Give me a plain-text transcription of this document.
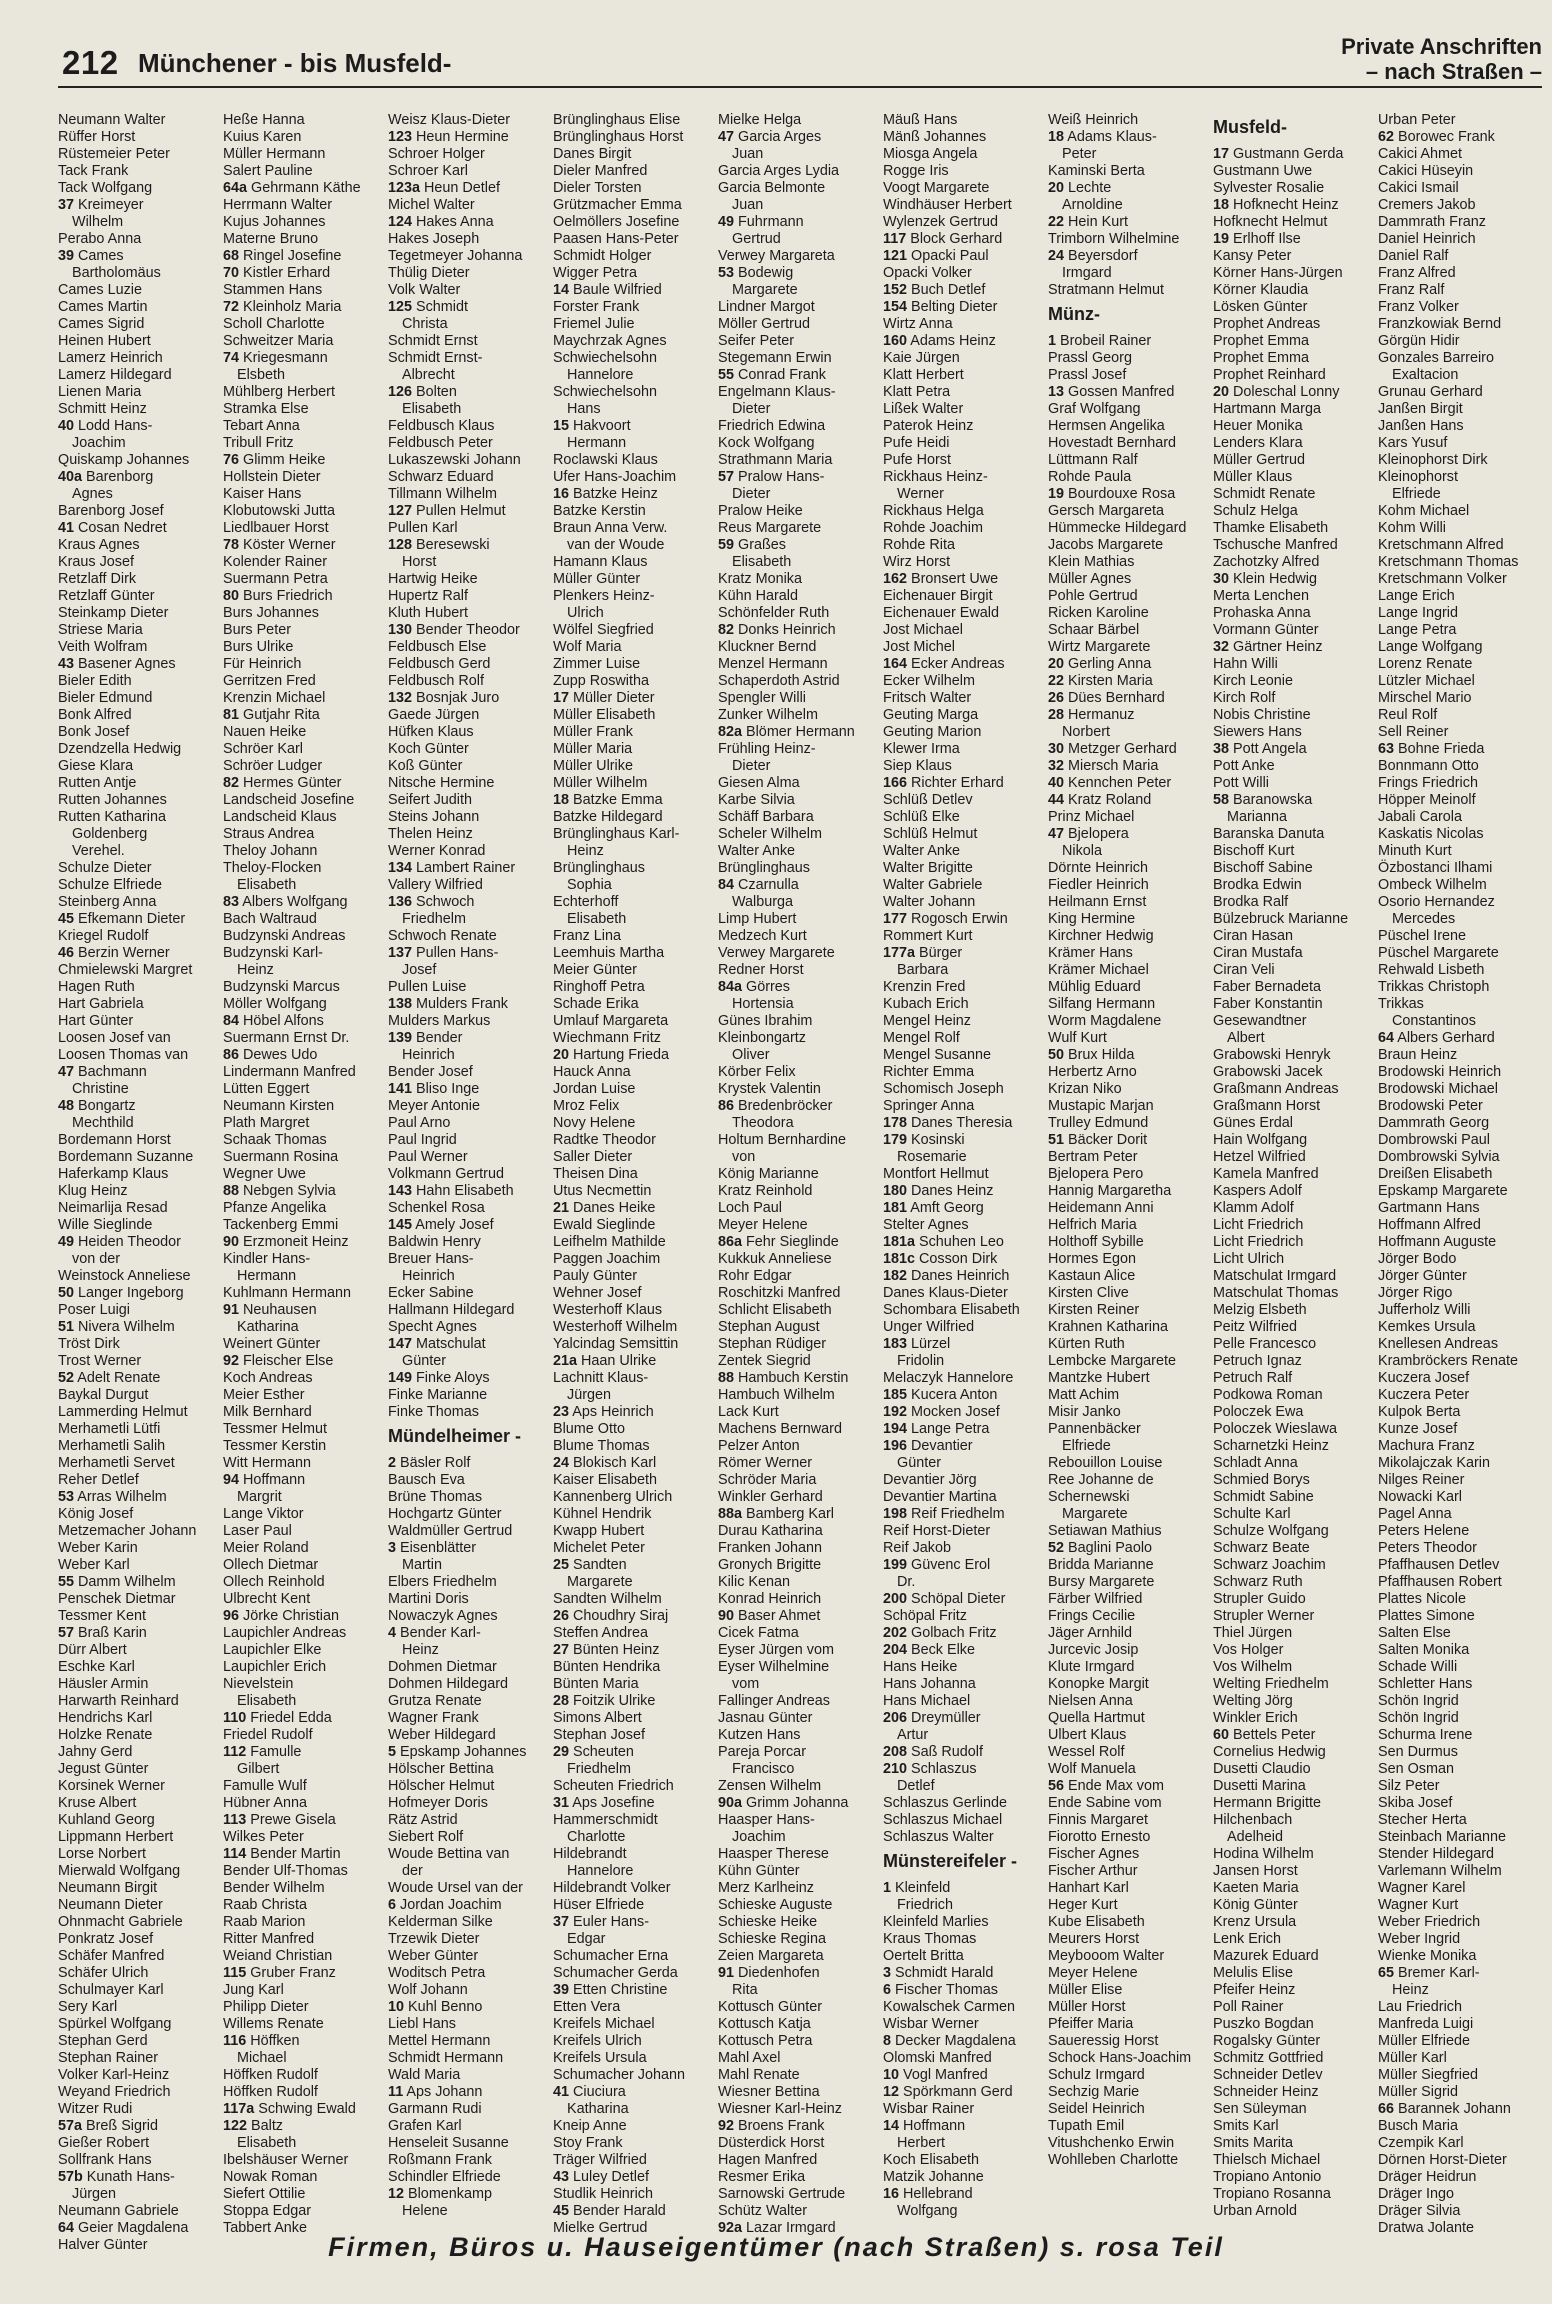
212 Münchener - bis Musfeld-
Private Anschriften
– nach Straßen –
Neumann Walter
Rüffer Horst
Rüstemeier Peter
Tack Frank
Tack Wolfgang
37 Kreimeyer
Wilhelm
Perabo Anna
39 Cames
Bartholomäus
Cames Luzie
Cames Martin
Cames Sigrid
Heinen Hubert
Lamerz Heinrich
Lamerz Hildegard
Lienen Maria
Schmitt Heinz
40 Lodd Hans-
Joachim
Quiskamp Johannes
40a Barenborg
Agnes
Barenborg Josef
41 Cosan Nedret
Kraus Agnes
Kraus Josef
Retzlaff Dirk
Retzlaff Günter
Steinkamp Dieter
Striese Maria
Veith Wolfram
43 Basener Agnes
Bieler Edith
Bieler Edmund
Bonk Alfred
Bonk Josef
Dzendzella Hedwig
Giese Klara
Rutten Antje
Rutten Johannes
Rutten Katharina
Goldenberg
Verehel.
Schulze Dieter
Schulze Elfriede
Steinberg Anna
45 Efkemann Dieter
Kriegel Rudolf
46 Berzin Werner
Chmielewski Margret
Hagen Ruth
Hart Gabriela
Hart Günter
Loosen Josef van
Loosen Thomas van
47 Bachmann
Christine
48 Bongartz
Mechthild
Bordemann Horst
Bordemann Suzanne
Haferkamp Klaus
Klug Heinz
Neimarlija Resad
Wille Sieglinde
49 Heiden Theodor
von der
Weinstock Anneliese
50 Langer Ingeborg
Poser Luigi
51 Nivera Wilhelm
Tröst Dirk
Trost Werner
52 Adelt Renate
Baykal Durgut
Lammerding Helmut
Merhametli Lütfi
Merhametli Salih
Merhametli Servet
Reher Detlef
53 Arras Wilhelm
König Josef
Metzemacher Johann
Weber Karin
Weber Karl
55 Damm Wilhelm
Penschek Dietmar
Tessmer Kent
57 Braß Karin
Dürr Albert
Eschke Karl
Häusler Armin
Harwarth Reinhard
Hendrichs Karl
Holzke Renate
Jahny Gerd
Jegust Günter
Korsinek Werner
Kruse Albert
Kuhland Georg
Lippmann Herbert
Lorse Norbert
Mierwald Wolfgang
Neumann Birgit
Neumann Dieter
Ohnmacht Gabriele
Ponkratz Josef
Schäfer Manfred
Schäfer Ulrich
Schulmayer Karl
Sery Karl
Spürkel Wolfgang
Stephan Gerd
Stephan Rainer
Volker Karl-Heinz
Weyand Friedrich
Witzer Rudi
57a Breß Sigrid
Gießer Robert
Sollfrank Hans
57b Kunath Hans-
Jürgen
Neumann Gabriele
64 Geier Magdalena
Halver Günter
Heße Hanna
Kuius Karen
Müller Hermann
Salert Pauline
64a Gehrmann Käthe
Herrmann Walter
Kujus Johannes
Materne Bruno
68 Ringel Josefine
70 Kistler Erhard
Stammen Hans
72 Kleinholz Maria
Scholl Charlotte
Schweitzer Maria
74 Kriegesmann
Elsbeth
Mühlberg Herbert
Stramka Else
Tebart Anna
Tribull Fritz
76 Glimm Heike
Hollstein Dieter
Kaiser Hans
Klobutowski Jutta
Liedlbauer Horst
78 Köster Werner
Kolender Rainer
Suermann Petra
80 Burs Friedrich
Burs Johannes
Burs Peter
Burs Ulrike
Für Heinrich
Gerritzen Fred
Krenzin Michael
81 Gutjahr Rita
Nauen Heike
Schröer Karl
Schröer Ludger
82 Hermes Günter
Landscheid Josefine
Landscheid Klaus
Straus Andrea
Theloy Johann
Theloy-Flocken
Elisabeth
83 Albers Wolfgang
Bach Waltraud
Budzynski Andreas
Budzynski Karl-
Heinz
Budzynski Marcus
Möller Wolfgang
84 Höbel Alfons
Suermann Ernst Dr.
86 Dewes Udo
Lindermann Manfred
Lütten Eggert
Neumann Kirsten
Plath Margret
Schaak Thomas
Suermann Rosina
Wegner Uwe
88 Nebgen Sylvia
Pfanze Angelika
Tackenberg Emmi
90 Erzmoneit Heinz
Kindler Hans-
Hermann
Kuhlmann Hermann
91 Neuhausen
Katharina
Weinert Günter
92 Fleischer Else
Koch Andreas
Meier Esther
Milk Bernhard
Tessmer Helmut
Tessmer Kerstin
Witt Hermann
94 Hoffmann
Margrit
Lange Viktor
Laser Paul
Meier Roland
Ollech Dietmar
Ollech Reinhold
Ulbrecht Kent
96 Jörke Christian
Laupichler Andreas
Laupichler Elke
Laupichler Erich
Nievelstein
Elisabeth
110 Friedel Edda
Friedel Rudolf
112 Famulle
Gilbert
Famulle Wulf
Hübner Anna
113 Prewe Gisela
Wilkes Peter
114 Bender Martin
Bender Ulf-Thomas
Bender Wilhelm
Raab Christa
Raab Marion
Ritter Manfred
Weiand Christian
115 Gruber Franz
Jung Karl
Philipp Dieter
Willems Renate
116 Höffken
Michael
Höffken Rudolf
Höffken Rudolf
117a Schwing Ewald
122 Baltz
Elisabeth
Ibelshäuser Werner
Nowak Roman
Siefert Ottilie
Stoppa Edgar
Tabbert Anke
Weisz Klaus-Dieter
123 Heun Hermine
Schroer Holger
Schroer Karl
123a Heun Detlef
Michel Walter
124 Hakes Anna
Hakes Joseph
Tegetmeyer Johanna
Thülig Dieter
Volk Walter
125 Schmidt
Christa
Schmidt Ernst
Schmidt Ernst-
Albrecht
126 Bolten
Elisabeth
Feldbusch Klaus
Feldbusch Peter
Lukaszewski Johann
Schwarz Eduard
Tillmann Wilhelm
127 Pullen Helmut
Pullen Karl
128 Beresewski
Horst
Hartwig Heike
Hupertz Ralf
Kluth Hubert
130 Bender Theodor
Feldbusch Else
Feldbusch Gerd
Feldbusch Rolf
132 Bosnjak Juro
Gaede Jürgen
Hüfken Klaus
Koch Günter
Koß Günter
Nitsche Hermine
Seifert Judith
Steins Johann
Thelen Heinz
Werner Konrad
134 Lambert Rainer
Vallery Wilfried
136 Schwoch
Friedhelm
Schwoch Renate
137 Pullen Hans-
Josef
Pullen Luise
138 Mulders Frank
Mulders Markus
139 Bender
Heinrich
Bender Josef
141 Bliso Inge
Meyer Antonie
Paul Arno
Paul Ingrid
Paul Werner
Volkmann Gertrud
143 Hahn Elisabeth
Schenkel Rosa
145 Amely Josef
Baldwin Henry
Breuer Hans-
Heinrich
Ecker Sabine
Hallmann Hildegard
Specht Agnes
147 Matschulat
Günter
149 Finke Aloys
Finke Marianne
Finke Thomas
Mündelheimer -
2 Bäsler Rolf
Bausch Eva
Brüne Thomas
Hochgartz Günter
Waldmüller Gertrud
3 Eisenblätter
Martin
Elbers Friedhelm
Martini Doris
Nowaczyk Agnes
4 Bender Karl-
Heinz
Dohmen Dietmar
Dohmen Hildegard
Grutza Renate
Wagner Frank
Weber Hildegard
5 Epskamp Johannes
Hölscher Bettina
Hölscher Helmut
Hofmeyer Doris
Rätz Astrid
Siebert Rolf
Woude Bettina van
der
Woude Ursel van der
6 Jordan Joachim
Kelderman Silke
Trzewik Dieter
Weber Günter
Woditsch Petra
Wolf Johann
10 Kuhl Benno
Liebl Hans
Mettel Hermann
Schmidt Hermann
Wald Maria
11 Aps Johann
Garmann Rudi
Grafen Karl
Henseleit Susanne
Roßmann Frank
Schindler Elfriede
12 Blomenkamp
Helene
Brünglinghaus Elise
Brünglinghaus Horst
Danes Birgit
Dieler Manfred
Dieler Torsten
Grützmacher Emma
Oelmöllers Josefine
Paasen Hans-Peter
Schmidt Holger
Wigger Petra
14 Baule Wilfried
Forster Frank
Friemel Julie
Maychrzak Agnes
Schwiechelsohn
Hannelore
Schwiechelsohn
Hans
15 Hakvoort
Hermann
Roclawski Klaus
Ufer Hans-Joachim
16 Batzke Heinz
Batzke Kerstin
Braun Anna Verw.
van der Woude
Hamann Klaus
Müller Günter
Plenkers Heinz-
Ulrich
Wölfel Siegfried
Wolf Maria
Zimmer Luise
Zupp Roswitha
17 Müller Dieter
Müller Elisabeth
Müller Frank
Müller Maria
Müller Ulrike
Müller Wilhelm
18 Batzke Emma
Batzke Hildegard
Brünglinghaus Karl-
Heinz
Brünglinghaus
Sophia
Echterhoff
Elisabeth
Franz Lina
Leemhuis Martha
Meier Günter
Ringhoff Petra
Schade Erika
Umlauf Margareta
Wiechmann Fritz
20 Hartung Frieda
Hauck Anna
Jordan Luise
Mroz Felix
Novy Helene
Radtke Theodor
Saller Dieter
Theisen Dina
Utus Necmettin
21 Danes Heike
Ewald Sieglinde
Leifhelm Mathilde
Paggen Joachim
Pauly Günter
Wehner Josef
Westerhoff Klaus
Westerhoff Wilhelm
Yalcindag Semsittin
21a Haan Ulrike
Lachnitt Klaus-
Jürgen
23 Aps Heinrich
Blume Otto
Blume Thomas
24 Blokisch Karl
Kaiser Elisabeth
Kannenberg Ulrich
Kühnel Hendrik
Kwapp Hubert
Michelet Peter
25 Sandten
Margarete
Sandten Wilhelm
26 Choudhry Siraj
Steffen Andrea
27 Bünten Heinz
Bünten Hendrika
Bünten Maria
28 Foitzik Ulrike
Simons Albert
Stephan Josef
29 Scheuten
Friedhelm
Scheuten Friedrich
31 Aps Josefine
Hammerschmidt
Charlotte
Hildebrandt
Hannelore
Hildebrandt Volker
Hüser Elfriede
37 Euler Hans-
Edgar
Schumacher Erna
Schumacher Gerda
39 Etten Christine
Etten Vera
Kreifels Michael
Kreifels Ulrich
Kreifels Ursula
Schumacher Johann
41 Ciuciura
Katharina
Kneip Anne
Stoy Frank
Träger Wilfried
43 Luley Detlef
Studlik Heinrich
45 Bender Harald
Mielke Gertrud
Mielke Helga
47 Garcia Arges
Juan
Garcia Arges Lydia
Garcia Belmonte
Juan
49 Fuhrmann
Gertrud
Verwey Margareta
53 Bodewig
Margarete
Lindner Margot
Möller Gertrud
Seifer Peter
Stegemann Erwin
55 Conrad Frank
Engelmann Klaus-
Dieter
Friedrich Edwina
Kock Wolfgang
Strathmann Maria
57 Pralow Hans-
Dieter
Pralow Heike
Reus Margarete
59 Graßes
Elisabeth
Kratz Monika
Kühn Harald
Schönfelder Ruth
82 Donks Heinrich
Kluckner Bernd
Menzel Hermann
Schaperdoth Astrid
Spengler Willi
Zunker Wilhelm
82a Blömer Hermann
Frühling Heinz-
Dieter
Giesen Alma
Karbe Silvia
Schäff Barbara
Scheler Wilhelm
Walter Anke
Brünglinghaus
84 Czarnulla
Walburga
Limp Hubert
Medzech Kurt
Verwey Margarete
Redner Horst
84a Görres
Hortensia
Günes Ibrahim
Kleinbongartz
Oliver
Körber Felix
Krystek Valentin
86 Bredenbröcker
Theodora
Holtum Bernhardine
von
König Marianne
Kratz Reinhold
Loch Paul
Meyer Helene
86a Fehr Sieglinde
Kukkuk Anneliese
Rohr Edgar
Roschitzki Manfred
Schlicht Elisabeth
Stephan August
Stephan Rüdiger
Zentek Siegrid
88 Hambuch Kerstin
Hambuch Wilhelm
Lack Kurt
Machens Bernward
Pelzer Anton
Römer Werner
Schröder Maria
Winkler Gerhard
88a Bamberg Karl
Durau Katharina
Franken Johann
Gronych Brigitte
Kilic Kenan
Konrad Heinrich
90 Baser Ahmet
Cicek Fatma
Eyser Jürgen vom
Eyser Wilhelmine
vom
Fallinger Andreas
Jasnau Günter
Kutzen Hans
Pareja Porcar
Francisco
Zensen Wilhelm
90a Grimm Johanna
Haasper Hans-
Joachim
Haasper Therese
Kühn Günter
Merz Karlheinz
Schieske Auguste
Schieske Heike
Schieske Regina
Zeien Margareta
91 Diedenhofen
Rita
Kottusch Günter
Kottusch Katja
Kottusch Petra
Mahl Axel
Mahl Renate
Wiesner Bettina
Wiesner Karl-Heinz
92 Broens Frank
Düsterdick Horst
Hagen Manfred
Resmer Erika
Sarnowski Gertrude
Schütz Walter
92a Lazar Irmgard
Mäuß Hans
Mänß Johannes
Miosga Angela
Rogge Iris
Voogt Margarete
Windhäuser Herbert
Wylenzek Gertrud
117 Block Gerhard
121 Opacki Paul
Opacki Volker
152 Buch Detlef
154 Belting Dieter
Wirtz Anna
160 Adams Heinz
Kaie Jürgen
Klatt Herbert
Klatt Petra
Lißek Walter
Paterok Heinz
Pufe Heidi
Pufe Horst
Rickhaus Heinz-
Werner
Rickhaus Helga
Rohde Joachim
Rohde Rita
Wirz Horst
162 Bronsert Uwe
Eichenauer Birgit
Eichenauer Ewald
Jost Michael
Jost Michel
164 Ecker Andreas
Ecker Wilhelm
Fritsch Walter
Geuting Marga
Geuting Marion
Klewer Irma
Siep Klaus
166 Richter Erhard
Schlüß Detlev
Schlüß Elke
Schlüß Helmut
Walter Anke
Walter Brigitte
Walter Gabriele
Walter Johann
177 Rogosch Erwin
Rommert Kurt
177a Bürger
Barbara
Krenzin Fred
Kubach Erich
Mengel Heinz
Mengel Rolf
Mengel Susanne
Richter Emma
Schomisch Joseph
Springer Anna
178 Danes Theresia
179 Kosinski
Rosemarie
Montfort Hellmut
180 Danes Heinz
181 Amft Georg
Stelter Agnes
181a Schuhen Leo
181c Cosson Dirk
182 Danes Heinrich
Danes Klaus-Dieter
Schombara Elisabeth
Unger Wilfried
183 Lürzel
Fridolin
Melaczyk Hannelore
185 Kucera Anton
192 Mocken Josef
194 Lange Petra
196 Devantier
Günter
Devantier Jörg
Devantier Martina
198 Reif Friedhelm
Reif Horst-Dieter
Reif Jakob
199 Güvenc Erol
Dr.
200 Schöpal Dieter
Schöpal Fritz
202 Golbach Fritz
204 Beck Elke
Hans Heike
Hans Johanna
Hans Michael
206 Dreymüller
Artur
208 Saß Rudolf
210 Schlaszus
Detlef
Schlaszus Gerlinde
Schlaszus Michael
Schlaszus Walter
Münstereifeler -
1 Kleinfeld
Friedrich
Kleinfeld Marlies
Kraus Thomas
Oertelt Britta
3 Schmidt Harald
6 Fischer Thomas
Kowalschek Carmen
Wisbar Werner
8 Decker Magdalena
Olomski Manfred
10 Vogl Manfred
12 Spörkmann Gerd
Wisbar Rainer
14 Hoffmann
Herbert
Koch Elisabeth
Matzik Johanne
16 Hellebrand
Wolfgang
Weiß Heinrich
18 Adams Klaus-
Peter
Kaminski Berta
20 Lechte
Arnoldine
22 Hein Kurt
Trimborn Wilhelmine
24 Beyersdorf
Irmgard
Stratmann Helmut
Münz-
1 Brobeil Rainer
Prassl Georg
Prassl Josef
13 Gossen Manfred
Graf Wolfgang
Hermsen Angelika
Hovestadt Bernhard
Lüttmann Ralf
Rohde Paula
19 Bourdouxe Rosa
Gersch Margareta
Hümmecke Hildegard
Jacobs Margarete
Klein Mathias
Müller Agnes
Pohle Gertrud
Ricken Karoline
Schaar Bärbel
Wirtz Margarete
20 Gerling Anna
22 Kirsten Maria
26 Dües Bernhard
28 Hermanuz
Norbert
30 Metzger Gerhard
32 Miersch Maria
40 Kennchen Peter
44 Kratz Roland
Prinz Michael
47 Bjelopera
Nikola
Dörnte Heinrich
Fiedler Heinrich
Heilmann Ernst
King Hermine
Kirchner Hedwig
Krämer Hans
Krämer Michael
Mühlig Eduard
Silfang Hermann
Worm Magdalene
Wulf Kurt
50 Brux Hilda
Herbertz Arno
Krizan Niko
Mustapic Marjan
Trulley Edmund
51 Bäcker Dorit
Bertram Peter
Bjelopera Pero
Hannig Margaretha
Heidemann Anni
Helfrich Maria
Holthoff Sybille
Hormes Egon
Kastaun Alice
Kirsten Clive
Kirsten Reiner
Krahnen Katharina
Kürten Ruth
Lembcke Margarete
Mantzke Hubert
Matt Achim
Misir Janko
Pannenbäcker
Elfriede
Rebouillon Louise
Ree Johanne de
Schernewski
Margarete
Setiawan Mathius
52 Baglini Paolo
Bridda Marianne
Bursy Margarete
Färber Wilfried
Frings Cecilie
Jäger Arnhild
Jurcevic Josip
Klute Irmgard
Konopke Margit
Nielsen Anna
Quella Hartmut
Ulbert Klaus
Wessel Rolf
Wolf Manuela
56 Ende Max vom
Ende Sabine vom
Finnis Margaret
Fiorotto Ernesto
Fischer Agnes
Fischer Arthur
Hanhart Karl
Heger Kurt
Kube Elisabeth
Meurers Horst
Meybooom Walter
Meyer Helene
Müller Elise
Müller Horst
Pfeiffer Maria
Saueressig Horst
Schock Hans-Joachim
Schulz Irmgard
Sechzig Marie
Seidel Heinrich
Tupath Emil
Vitushchenko Erwin
Wohlleben Charlotte
Musfeld-
17 Gustmann Gerda
Gustmann Uwe
Sylvester Rosalie
18 Hofknecht Heinz
Hofknecht Helmut
19 Erlhoff Ilse
Kansy Peter
Körner Hans-Jürgen
Körner Klaudia
Lösken Günter
Prophet Andreas
Prophet Emma
Prophet Emma
Prophet Reinhard
20 Doleschal Lonny
Hartmann Marga
Heuer Monika
Lenders Klara
Müller Gertrud
Müller Klaus
Schmidt Renate
Schulz Helga
Thamke Elisabeth
Tschusche Manfred
Zachotzky Alfred
30 Klein Hedwig
Merta Lenchen
Prohaska Anna
Vormann Günter
32 Gärtner Heinz
Hahn Willi
Kirch Leonie
Kirch Rolf
Nobis Christine
Siewers Hans
38 Pott Angela
Pott Anke
Pott Willi
58 Baranowska
Marianna
Baranska Danuta
Bischoff Kurt
Bischoff Sabine
Brodka Edwin
Brodka Ralf
Bülzebruck Marianne
Ciran Hasan
Ciran Mustafa
Ciran Veli
Faber Bernadeta
Faber Konstantin
Gesewandtner
Albert
Grabowski Henryk
Grabowski Jacek
Graßmann Andreas
Graßmann Horst
Günes Erdal
Hain Wolfgang
Hetzel Wilfried
Kamela Manfred
Kaspers Adolf
Klamm Adolf
Licht Friedrich
Licht Friedrich
Licht Ulrich
Matschulat Irmgard
Matschulat Thomas
Melzig Elsbeth
Peitz Wilfried
Pelle Francesco
Petruch Ignaz
Petruch Ralf
Podkowa Roman
Poloczek Ewa
Poloczek Wieslawa
Scharnetzki Heinz
Schladt Anna
Schmied Borys
Schmidt Sabine
Schulte Karl
Schulze Wolfgang
Schwarz Beate
Schwarz Joachim
Schwarz Ruth
Strupler Guido
Strupler Werner
Thiel Jürgen
Vos Holger
Vos Wilhelm
Welting Friedhelm
Welting Jörg
Winkler Erich
60 Bettels Peter
Cornelius Hedwig
Dusetti Claudio
Dusetti Marina
Hermann Brigitte
Hilchenbach
Adelheid
Hodina Wilhelm
Jansen Horst
Kaeten Maria
König Günter
Krenz Ursula
Lenk Erich
Mazurek Eduard
Melulis Elise
Pfeifer Heinz
Poll Rainer
Puszko Bogdan
Rogalsky Günter
Schmitz Gottfried
Schneider Detlev
Schneider Heinz
Sen Süleyman
Smits Karl
Smits Marita
Thielsch Michael
Tropiano Antonio
Tropiano Rosanna
Urban Arnold
Urban Peter
62 Borowec Frank
Cakici Ahmet
Cakici Hüseyin
Cakici Ismail
Cremers Jakob
Dammrath Franz
Daniel Heinrich
Daniel Ralf
Franz Alfred
Franz Ralf
Franz Volker
Franzkowiak Bernd
Görgün Hidir
Gonzales Barreiro
Exaltacion
Grunau Gerhard
Janßen Birgit
Janßen Hans
Kars Yusuf
Kleinophorst Dirk
Kleinophorst
Elfriede
Kohm Michael
Kohm Willi
Kretschmann Alfred
Kretschmann Thomas
Kretschmann Volker
Lange Erich
Lange Ingrid
Lange Petra
Lange Wolfgang
Lorenz Renate
Lützler Michael
Mirschel Mario
Reul Rolf
Sell Reiner
63 Bohne Frieda
Bonnmann Otto
Frings Friedrich
Höpper Meinolf
Jabali Carola
Kaskatis Nicolas
Minuth Kurt
Özbostanci Ilhami
Ombeck Wilhelm
Osorio Hernandez
Mercedes
Püschel Irene
Püschel Margarete
Rehwald Lisbeth
Trikkas Christoph
Trikkas
Constantinos
64 Albers Gerhard
Braun Heinz
Brodowski Heinrich
Brodowski Michael
Brodowski Peter
Dammrath Georg
Dombrowski Paul
Dombrowski Sylvia
Dreißen Elisabeth
Epskamp Margarete
Gartmann Hans
Hoffmann Alfred
Hoffmann Auguste
Jörger Bodo
Jörger Günter
Jörger Rigo
Jufferholz Willi
Kemkes Ursula
Knellesen Andreas
Krambröckers Renate
Kuczera Josef
Kuczera Peter
Kulpok Berta
Kunze Josef
Machura Franz
Mikolajczak Karin
Nilges Reiner
Nowacki Karl
Pagel Anna
Peters Helene
Peters Theodor
Pfaffhausen Detlev
Pfaffhausen Robert
Plattes Nicole
Plattes Simone
Salten Else
Salten Monika
Schade Willi
Schletter Hans
Schön Ingrid
Schön Ingrid
Schurma Irene
Sen Durmus
Sen Osman
Silz Peter
Skiba Josef
Stecher Herta
Steinbach Marianne
Stender Hildegard
Varlemann Wilhelm
Wagner Karel
Wagner Kurt
Weber Friedrich
Weber Ingrid
Wienke Monika
65 Bremer Karl-
Heinz
Lau Friedrich
Manfreda Luigi
Müller Elfriede
Müller Karl
Müller Siegfried
Müller Sigrid
66 Barannek Johann
Busch Maria
Czempik Karl
Dörnen Horst-Dieter
Dräger Heidrun
Dräger Ingo
Dräger Silvia
Dratwa Jolante
Firmen, Büros u. Hauseigentümer (nach Straßen) s. rosa Teil
